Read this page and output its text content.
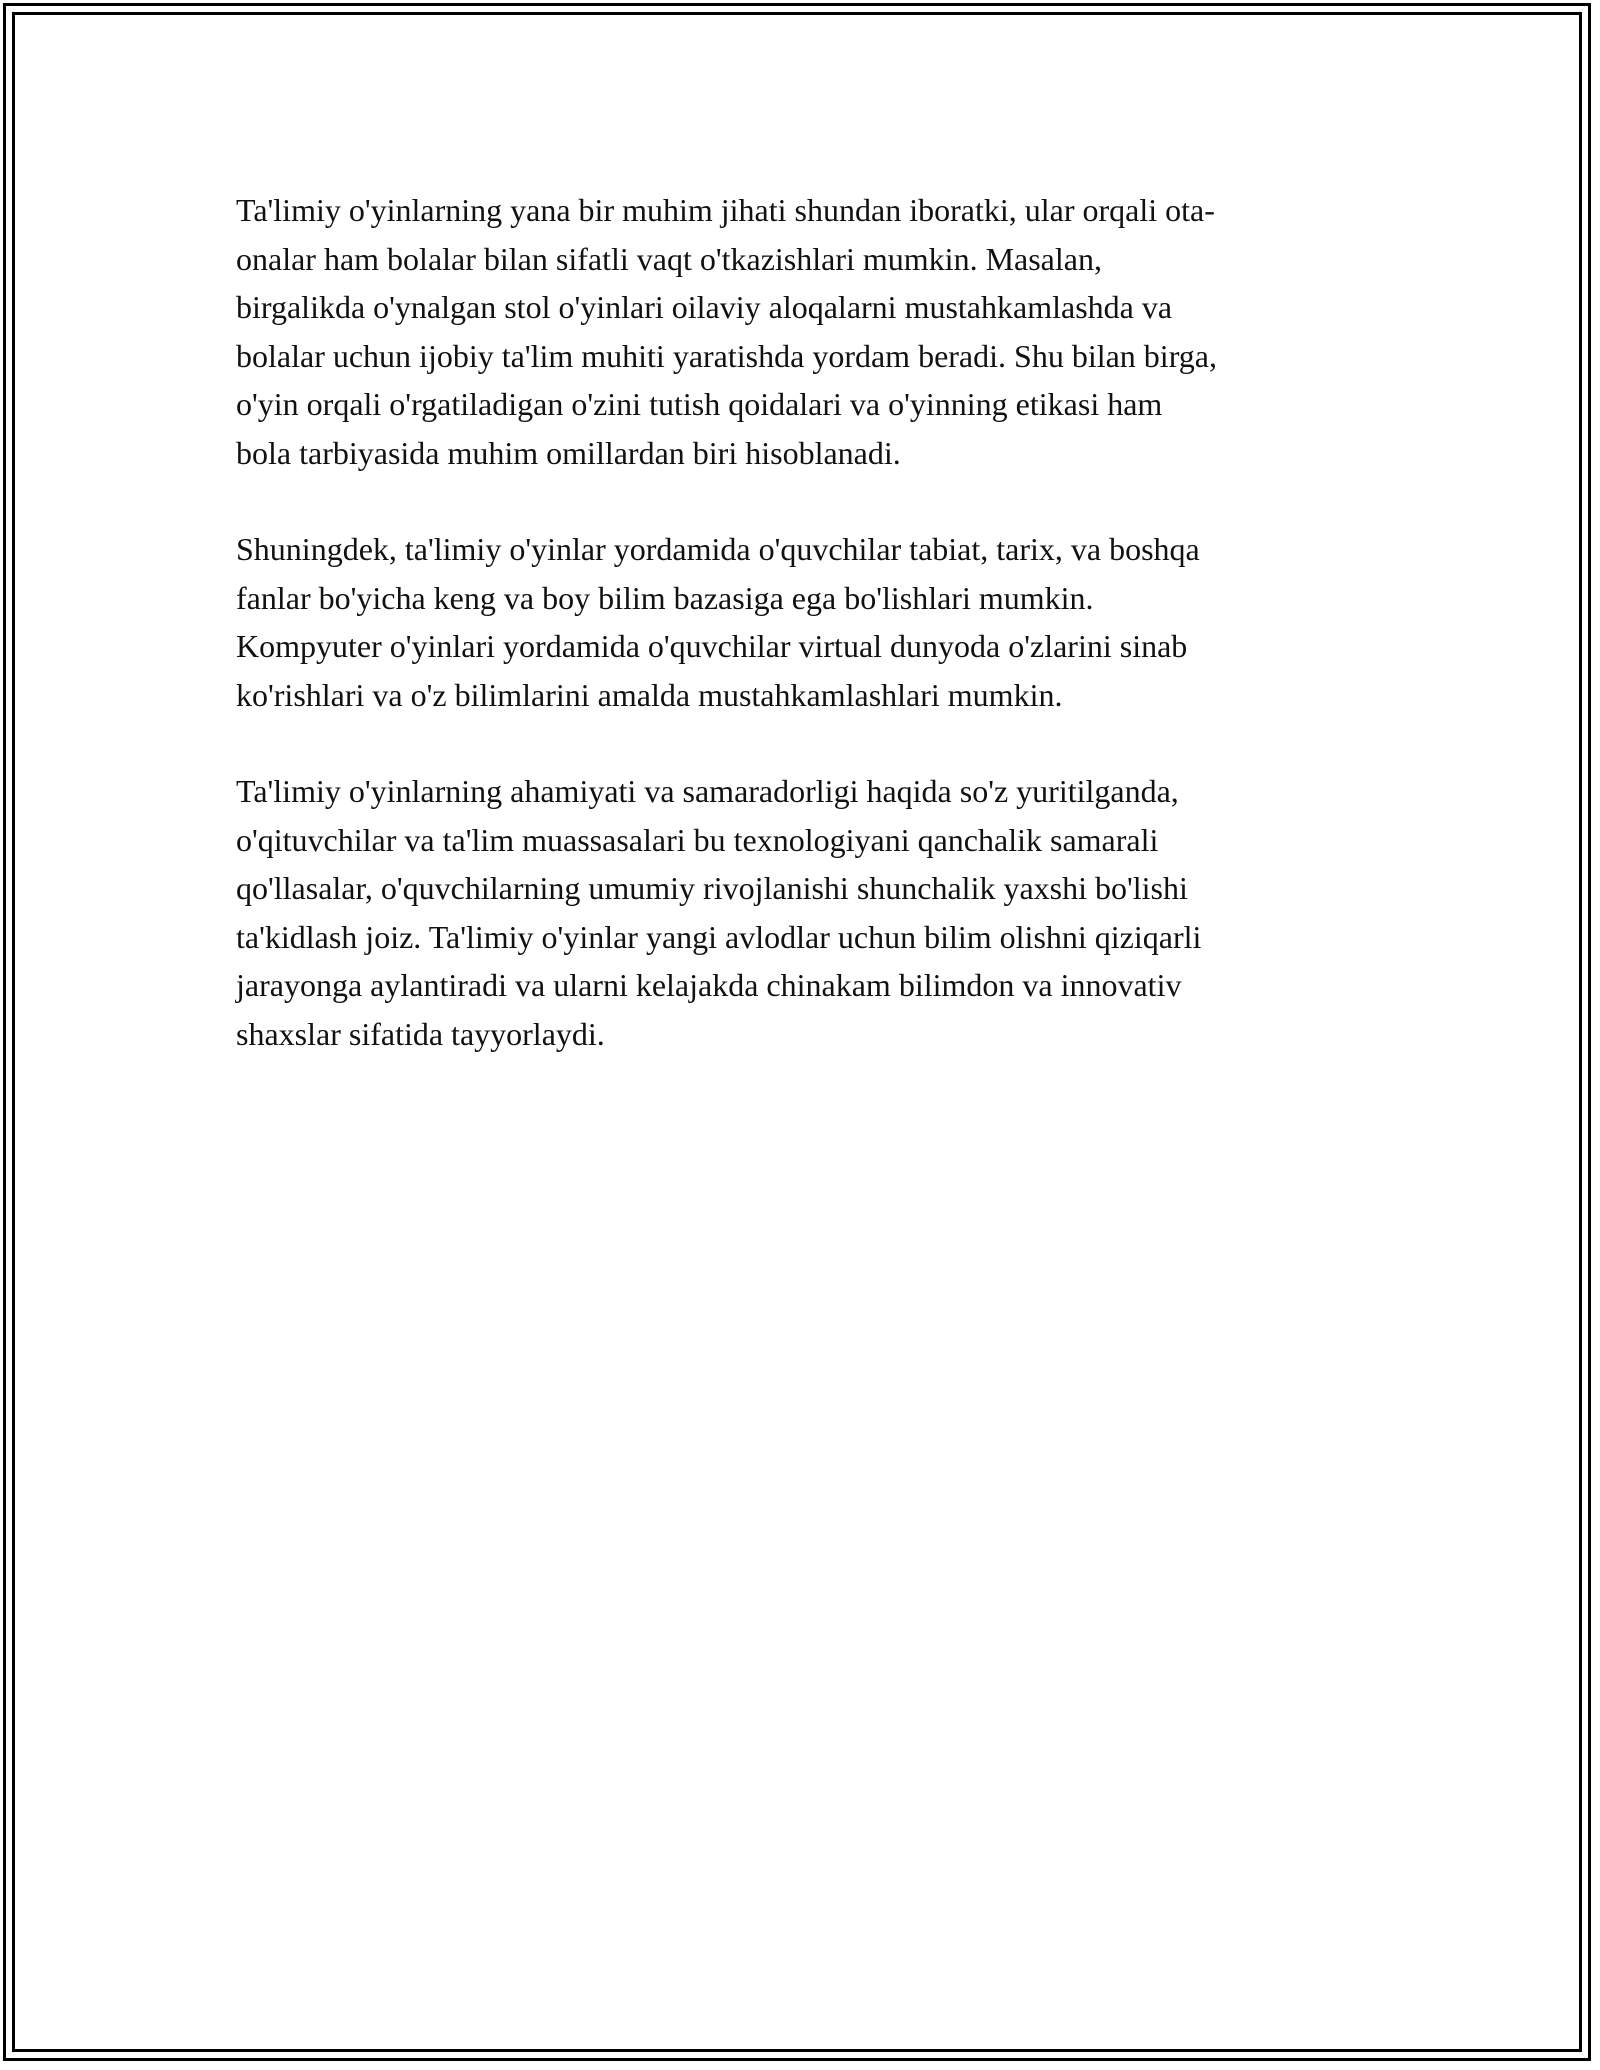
Ta'limiy o'yinlarning yana bir muhim jihati shundan iboratki, ular orqali ota-
onalar ham bolalar bilan sifatli vaqt o'tkazishlari mumkin. Masalan,
birgalikda o'ynalgan stol o'yinlari oilaviy aloqalarni mustahkamlashda va
bolalar uchun ijobiy ta'lim muhiti yaratishda yordam beradi. Shu bilan birga,
o'yin orqali o'rgatiladigan o'zini tutish qoidalari va o'yinning etikasi ham
bola tarbiyasida muhim omillardan biri hisoblanadi.

Shuningdek, ta'limiy o'yinlar yordamida o'quvchilar tabiat, tarix, va boshqa
fanlar bo'yicha keng va boy bilim bazasiga ega bo'lishlari mumkin.
Kompyuter o'yinlari yordamida o'quvchilar virtual dunyoda o'zlarini sinab
ko'rishlari va o'z bilimlarini amalda mustahkamlashlari mumkin.

Ta'limiy o'yinlarning ahamiyati va samaradorligi haqida so'z yuritilganda,
o'qituvchilar va ta'lim muassasalari bu texnologiyani qanchalik samarali
qo'llasalar, o'quvchilarning umumiy rivojlanishi shunchalik yaxshi bo'lishi
ta'kidlash joiz. Ta'limiy o'yinlar yangi avlodlar uchun bilim olishni qiziqarli
jarayonga aylantiradi va ularni kelajakda chinakam bilimdon va innovativ
shaxslar sifatida tayyorlaydi.
